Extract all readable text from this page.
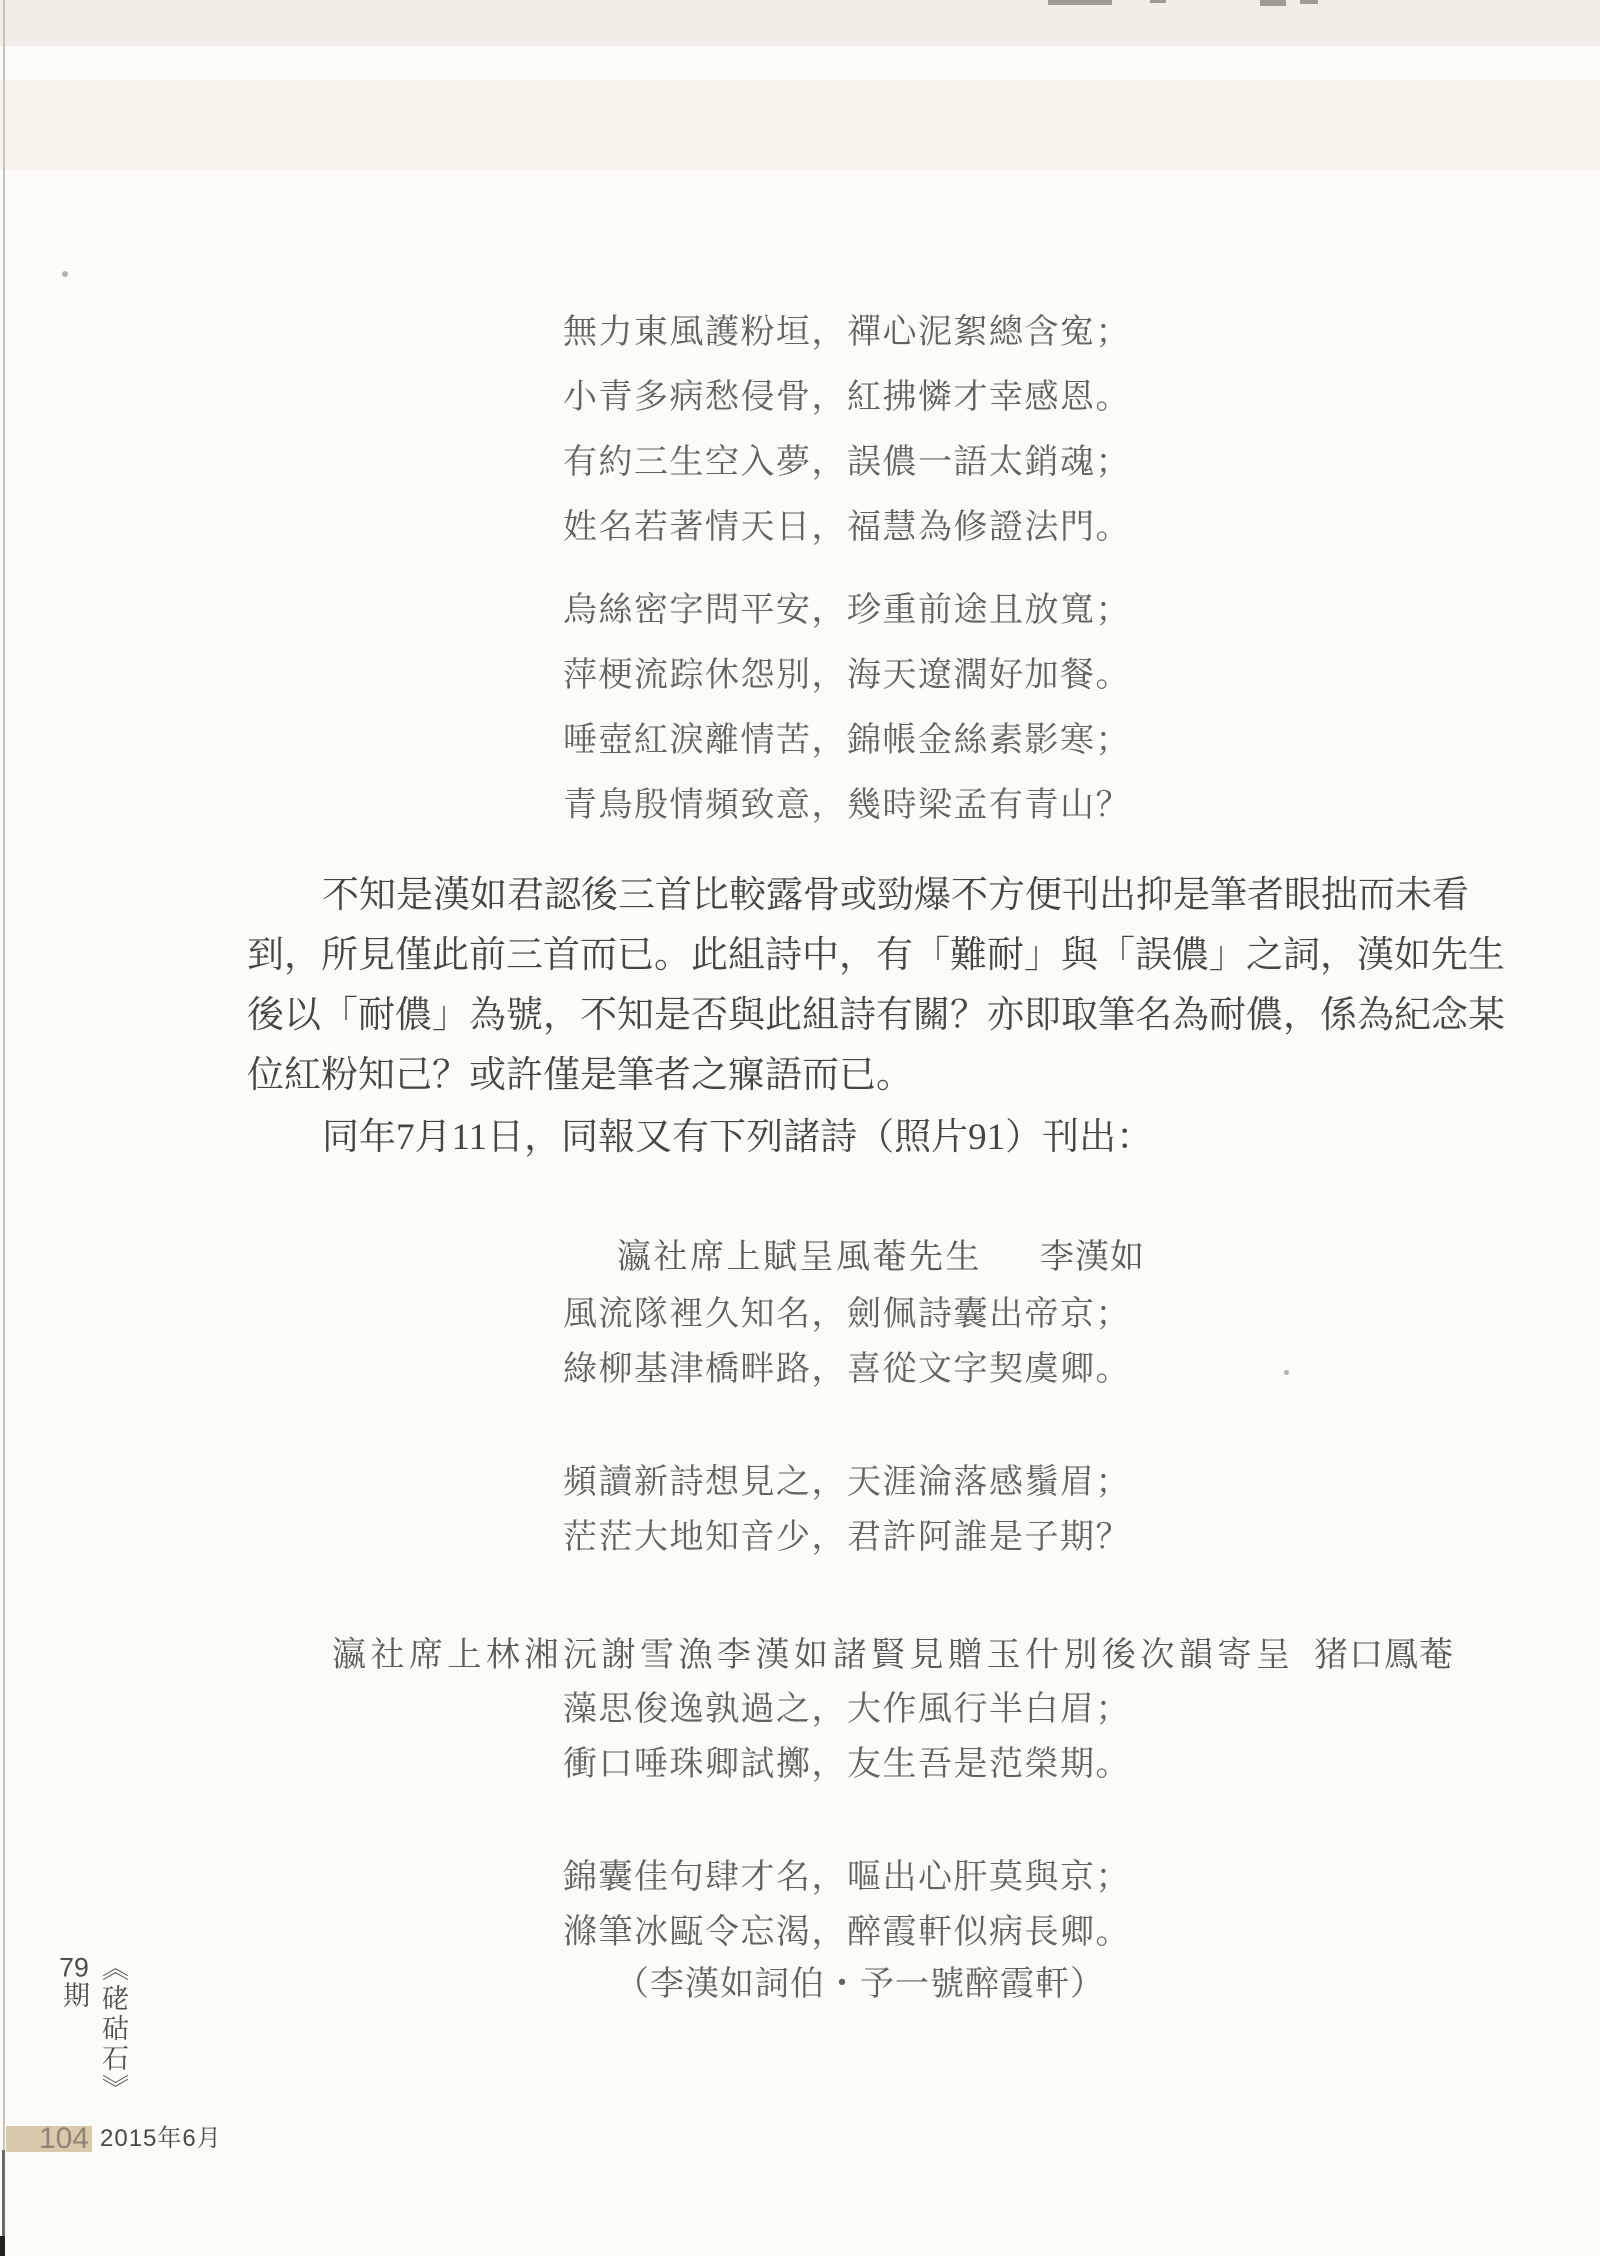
無力東風護粉垣，禪心泥絮總含寃；
小青多病愁侵骨，紅拂憐才幸感恩。
有約三生空入夢，誤儂一語太銷魂；
姓名若著情天日，福慧為修證法門。
烏絲密字問平安，珍重前途且放寬；
萍梗流踪休怨別，海天遼濶好加餐。
唾壺紅淚離情苦，錦帳金絲素影寒；
青鳥殷情頻致意，幾時梁孟有青山？
不知是漢如君認後三首比較露骨或勁爆不方便刊出抑是筆者眼拙而未看
到，所見僅此前三首而已。此組詩中，有「難耐」與「誤儂」之詞，漢如先生
後以「耐儂」為號，不知是否與此組詩有關？亦即取筆名為耐儂，係為紀念某
位紅粉知己？或許僅是筆者之寱語而已。
同年7月11日，同報又有下列諸詩（照片91）刊出：
瀛社席上賦呈風菴先生 李漢如
風流隊裡久知名，劍佩詩囊出帝京；
綠柳基津橋畔路，喜從文字契虞卿。
頻讀新詩想見之，天涯淪落感鬚眉；
茫茫大地知音少，君許阿誰是子期？
瀛社席上林湘沅謝雪漁李漢如諸賢見贈玉什別後次韻寄呈 猪口鳳菴
藻思俊逸孰過之，大作風行半白眉；
衝口唾珠卿試擲，友生吾是范榮期。
錦囊佳句肆才名，嘔出心肝莫與京；
滌筆冰甌令忘渴，醉霞軒似病長卿。
（李漢如詞伯・予一號醉霞軒）
《硓𥑮石》79期
104 2015年6月
